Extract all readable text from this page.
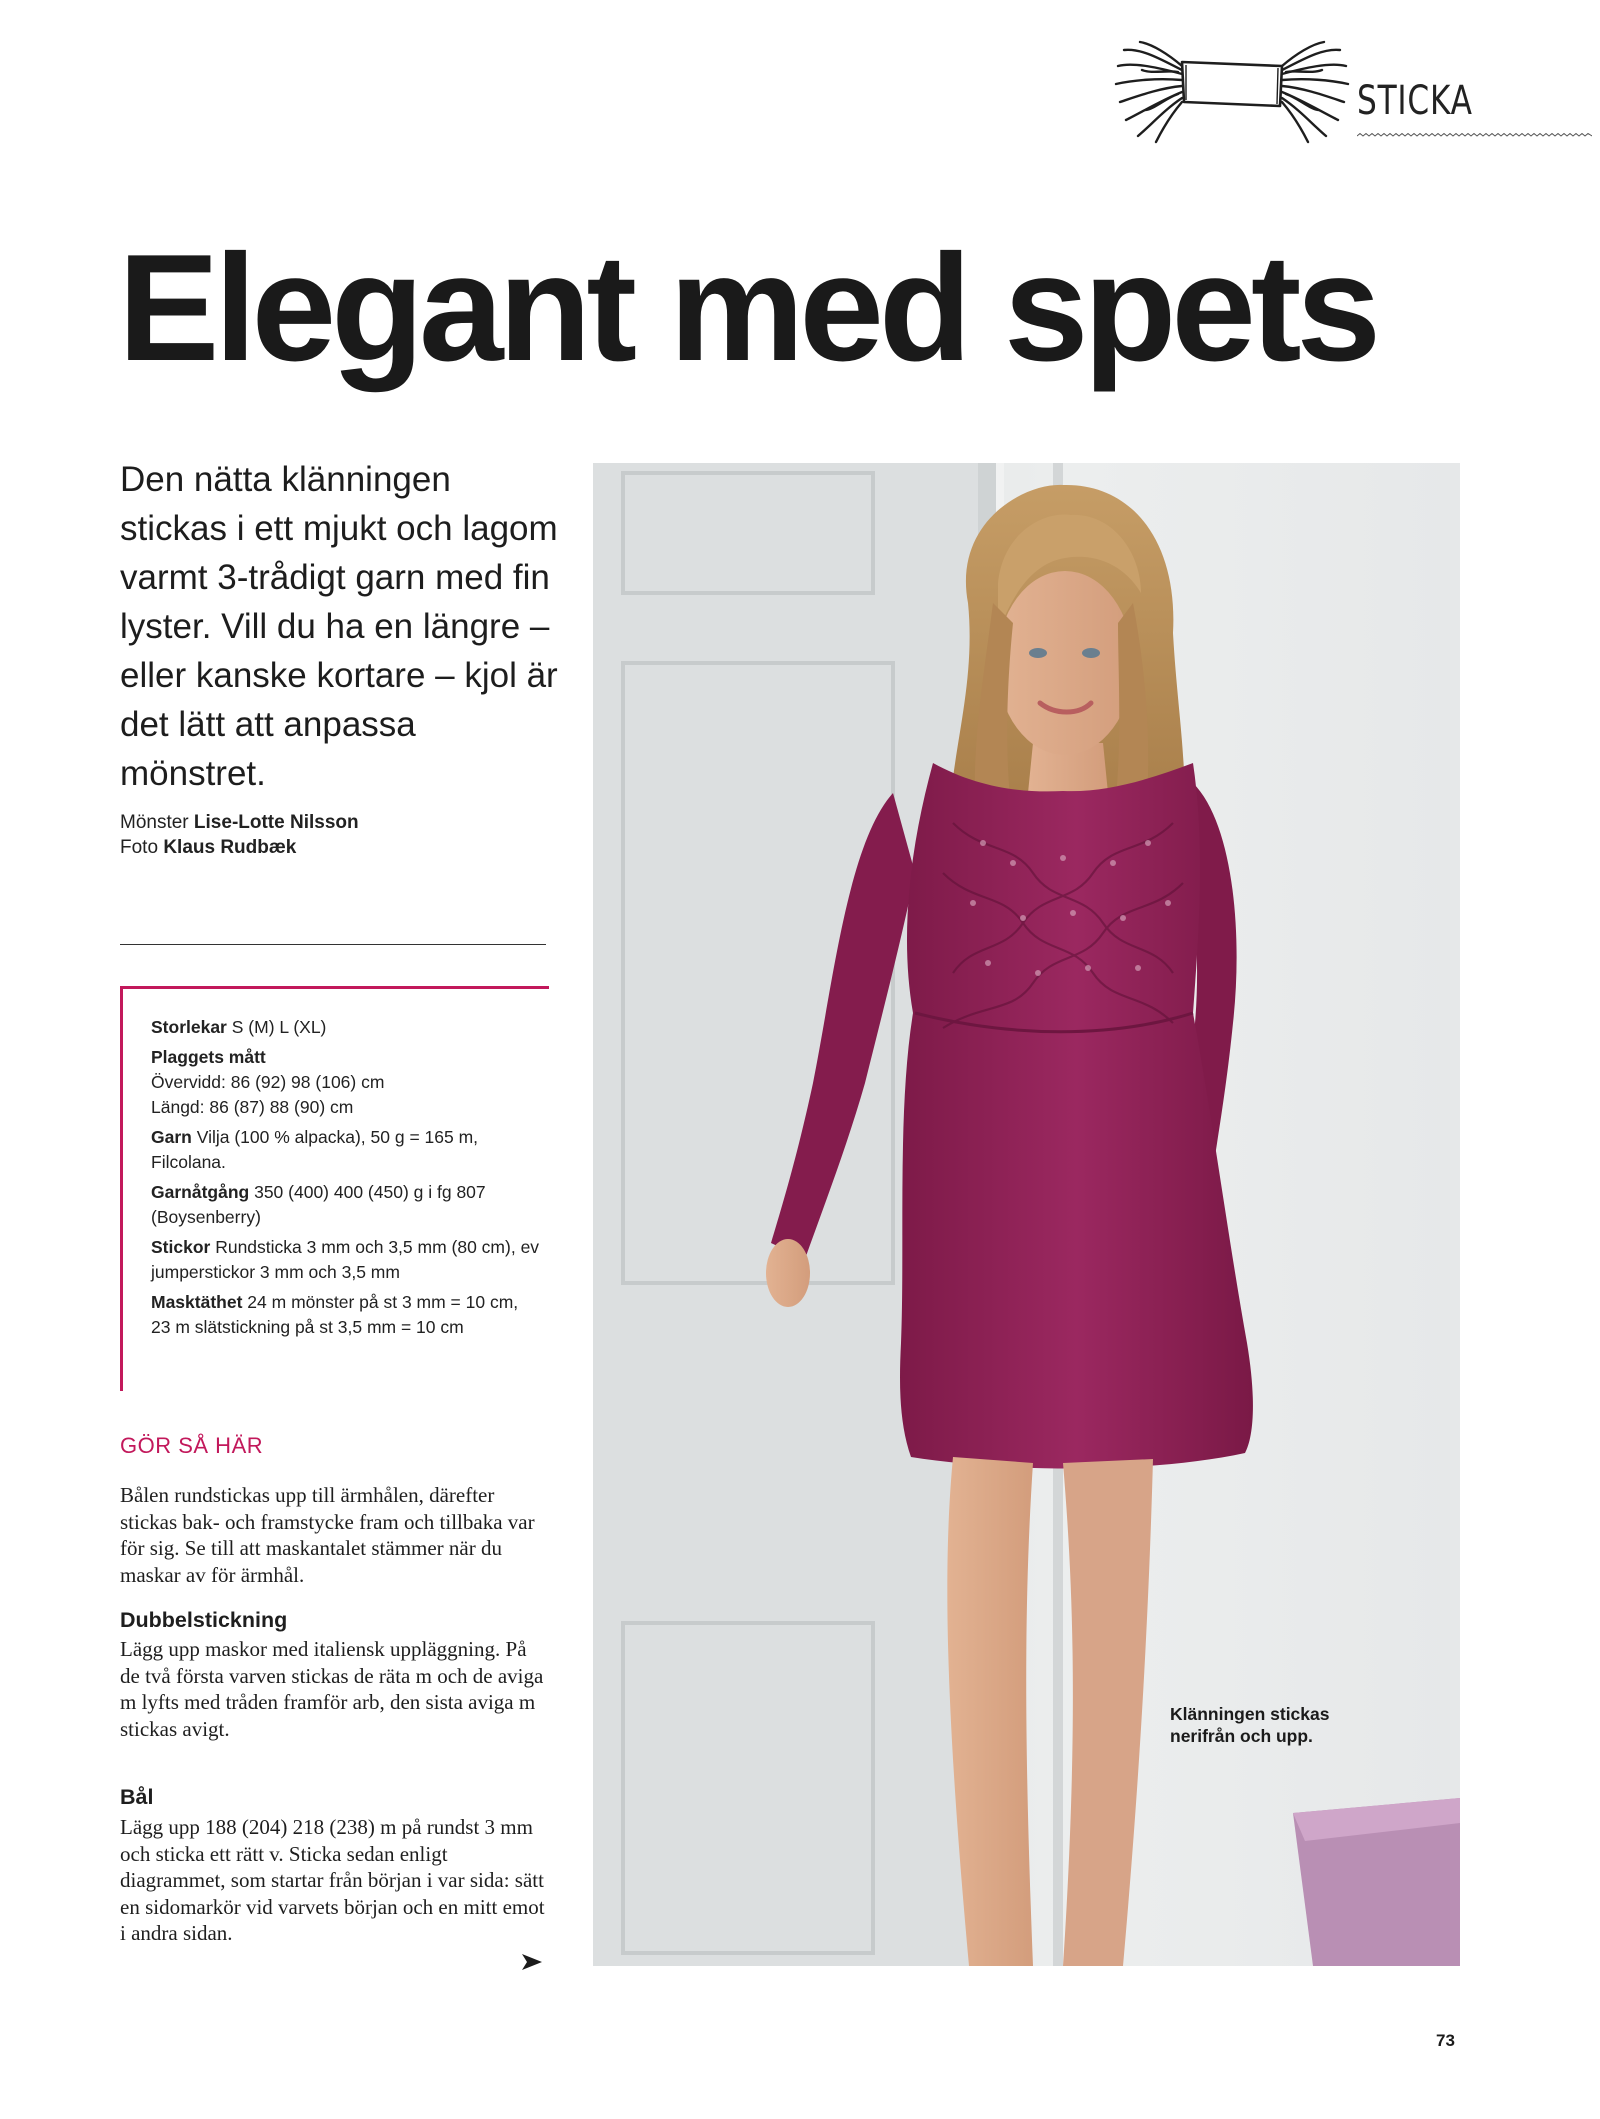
STICKA
Elegant med spets

Den nätta klänningen stickas i ett mjukt och lagom varmt 3-trådigt garn med fin lyster. Vill du ha en längre – eller kanske kortare – kjol är det lätt att anpassa mönstret.

Mönster Lise-Lotte Nilsson
Foto Klaus Rudbæk
Storlekar S (M) L (XL)
Plaggets mått
Övervidd: 86 (92) 98 (106) cm
Längd: 86 (87) 88 (90) cm
Garn Vilja (100 % alpacka), 50 g = 165 m, Filcolana.
Garnåtgång 350 (400) 400 (450) g i fg 807 (Boysenberry)
Stickor Rundsticka 3 mm och 3,5 mm (80 cm), ev jumperstickor 3 mm och 3,5 mm
Masktäthet 24 m mönster på st 3 mm = 10 cm, 23 m slätstickning på st 3,5 mm = 10 cm
GÖR SÅ HÄR

Bålen rundstickas upp till ärmhålen, därefter stickas bak- och framstycke fram och tillbaka var för sig. Se till att maskantalet stämmer när du maskar av för ärmhål.

Dubbelstickning

Lägg upp maskor med italiensk uppläggning. På de två första varven stickas de räta m och de aviga m lyfts med tråden framför arb, den sista aviga m stickas avigt.

Bål

Lägg upp 188 (204) 218 (238) m på rundst 3 mm och sticka ett rätt v. Sticka sedan enligt diagrammet, som startar från början i var sida: sätt en sidomarkör vid varvets början och en mitt emot i andra sidan.

Klänningen stickas nerifrån och upp.
73
